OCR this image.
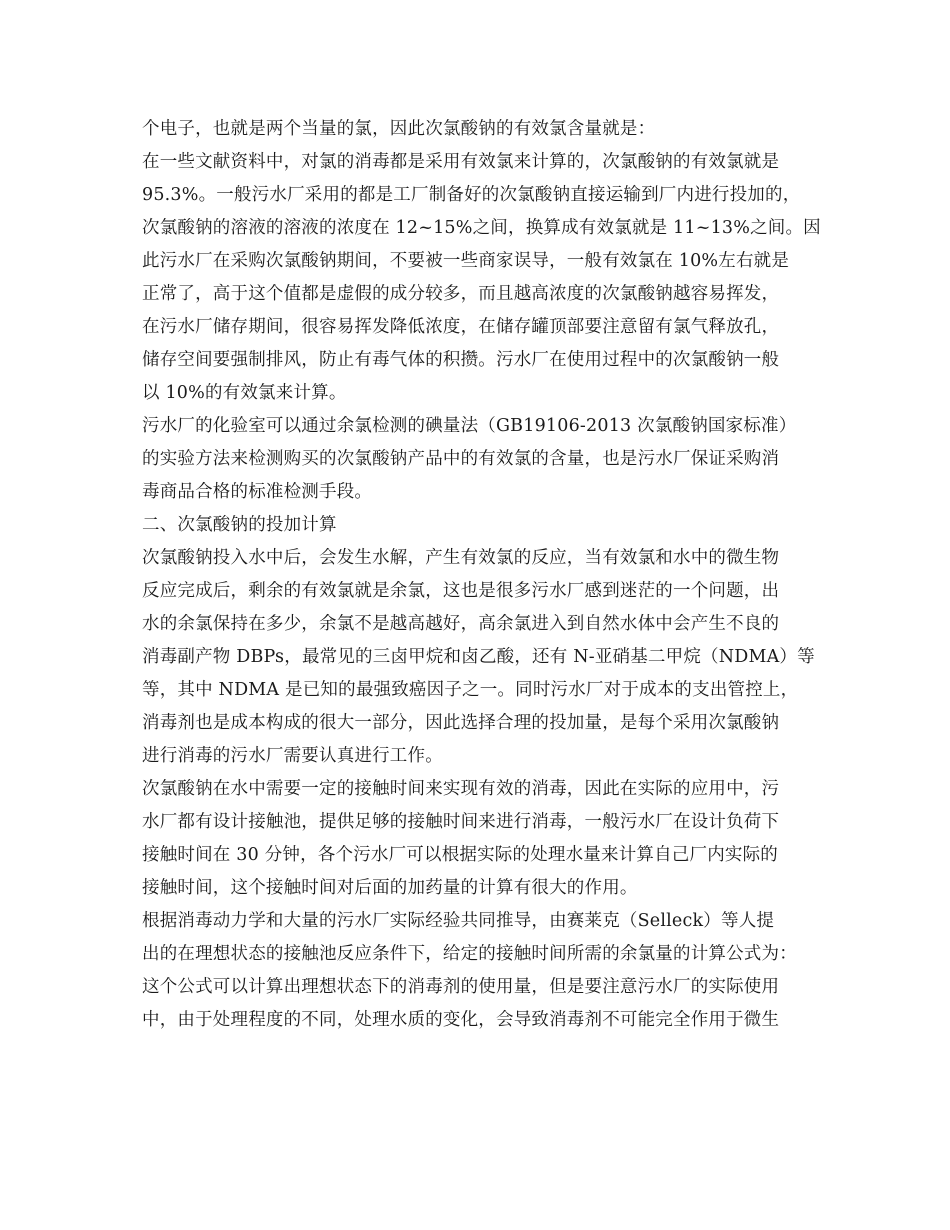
个电子，也就是两个当量的氯，因此次氯酸钠的有效氯含量就是：
在一些文献资料中，对氯的消毒都是采用有效氯来计算的，次氯酸钠的有效氯就是
95.3%。一般污水厂采用的都是工厂制备好的次氯酸钠直接运输到厂内进行投加的，
次氯酸钠的溶液的溶液的浓度在 12~15%之间，换算成有效氯就是 11~13%之间。因
此污水厂在采购次氯酸钠期间，不要被一些商家误导，一般有效氯在 10%左右就是
正常了，高于这个值都是虚假的成分较多，而且越高浓度的次氯酸钠越容易挥发，
在污水厂储存期间，很容易挥发降低浓度，在储存罐顶部要注意留有氯气释放孔，
储存空间要强制排风，防止有毒气体的积攒。污水厂在使用过程中的次氯酸钠一般
以 10%的有效氯来计算。
污水厂的化验室可以通过余氯检测的碘量法（GB19106-2013 次氯酸钠国家标准）
的实验方法来检测购买的次氯酸钠产品中的有效氯的含量，也是污水厂保证采购消
毒商品合格的标准检测手段。
二、次氯酸钠的投加计算
次氯酸钠投入水中后，会发生水解，产生有效氯的反应，当有效氯和水中的微生物
反应完成后，剩余的有效氯就是余氯，这也是很多污水厂感到迷茫的一个问题，出
水的余氯保持在多少，余氯不是越高越好，高余氯进入到自然水体中会产生不良的
消毒副产物 DBPs，最常见的三卤甲烷和卤乙酸，还有 N-亚硝基二甲烷（NDMA）等
等，其中 NDMA 是已知的最强致癌因子之一。同时污水厂对于成本的支出管控上，
消毒剂也是成本构成的很大一部分，因此选择合理的投加量，是每个采用次氯酸钠
进行消毒的污水厂需要认真进行工作。
次氯酸钠在水中需要一定的接触时间来实现有效的消毒，因此在实际的应用中，污
水厂都有设计接触池，提供足够的接触时间来进行消毒，一般污水厂在设计负荷下
接触时间在 30 分钟，各个污水厂可以根据实际的处理水量来计算自己厂内实际的
接触时间，这个接触时间对后面的加药量的计算有很大的作用。
根据消毒动力学和大量的污水厂实际经验共同推导，由赛莱克（Selleck）等人提
出的在理想状态的接触池反应条件下，给定的接触时间所需的余氯量的计算公式为：
这个公式可以计算出理想状态下的消毒剂的使用量，但是要注意污水厂的实际使用
中，由于处理程度的不同，处理水质的变化，会导致消毒剂不可能完全作用于微生
